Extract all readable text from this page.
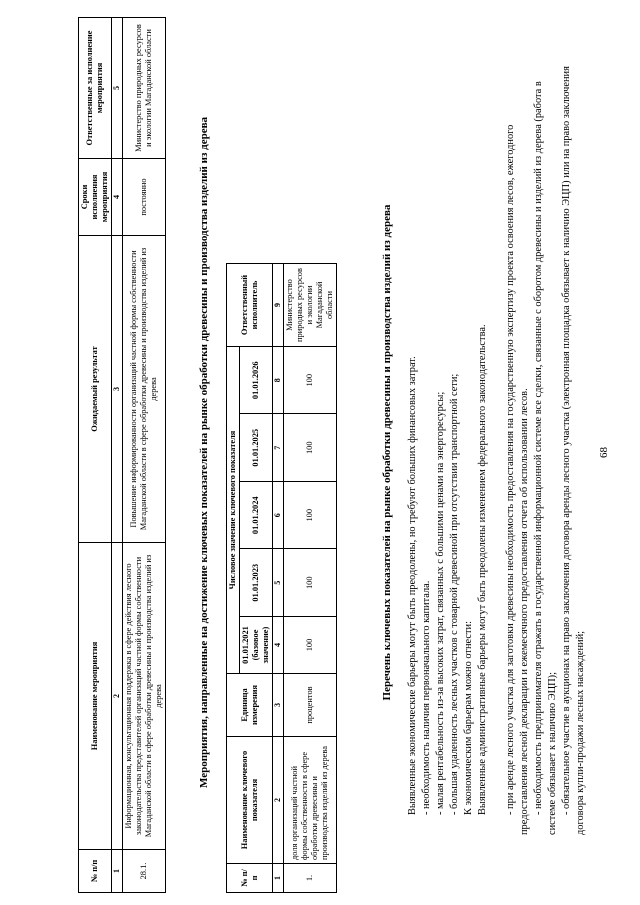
68

- обязательное участие в аукционах на право заключения договора аренды лесного участка (электронная площадка обязывает к наличию ЭЦП) или на право заключения договора купли-продажи лесных насаждений;

- необходимость предпринимателя отражать в государственной информационной системе все сделки, связанные с оборотом древесины и изделий из дерева (работа в системе обязывает к наличию ЭЦП);

- при аренде лесного участка для заготовки древесины необходимость предоставления на государственную экспертизу проекта освоения лесов, ежегодного предоставления лесной декларации и ежемесячного предоставления отчета об использовании лесов.

Выявленные административные барьеры могут быть преодолены изменением федерального законодательства.

К экономическим барьерам можно отнести:

- большая удаленность лесных участков с товарной древесиной при отсутствии транспортной сети;

- малая рентабельность из-за высоких затрат, связанных с большими ценами на энергоресурсы;

- необходимость наличия первоначального капитала.

Выявленные экономические барьеры могут быть преодолены, но требуют больших финансовых затрат.

Перечень ключевых показателей на рынке обработки древесины и производства изделий из дерева

№ п/п	Наименование ключевого показателя	Единица измерения	Числовое значение ключевого показателя					Ответственный исполнитель
			01.01.2021 (базовое значение)	01.01.2023	01.01.2024	01.01.2025	01.01.2026	
1	2	3	4	5	6	7	8	9
1.	доля организаций частной формы собственности в сфере обработки древесины и производства изделий из дерева	процентов	100	100	100	100	100	Министерство природных ресурсов и экологии Магаданской области

Мероприятия, направленные на достижение ключевых показателей на рынке обработки древесины и производства изделий из дерева

№ п/п	Наименование мероприятия	Ожидаемый результат	Сроки исполнения мероприятия	Ответственные за исполнение мероприятия
1	2	3	4	5
28.1.	Информационная, консультационная поддержка в сфере действия лесного законодательства представителей организаций частной формы собственности Магаданской области в сфере обработки древесины и производства изделий из дерева	Повышение информированности организаций частной формы собственности Магаданской области в сфере обработки древесины и производства изделий из дерева	постоянно	Министерство природных ресурсов и экологии Магаданской области
